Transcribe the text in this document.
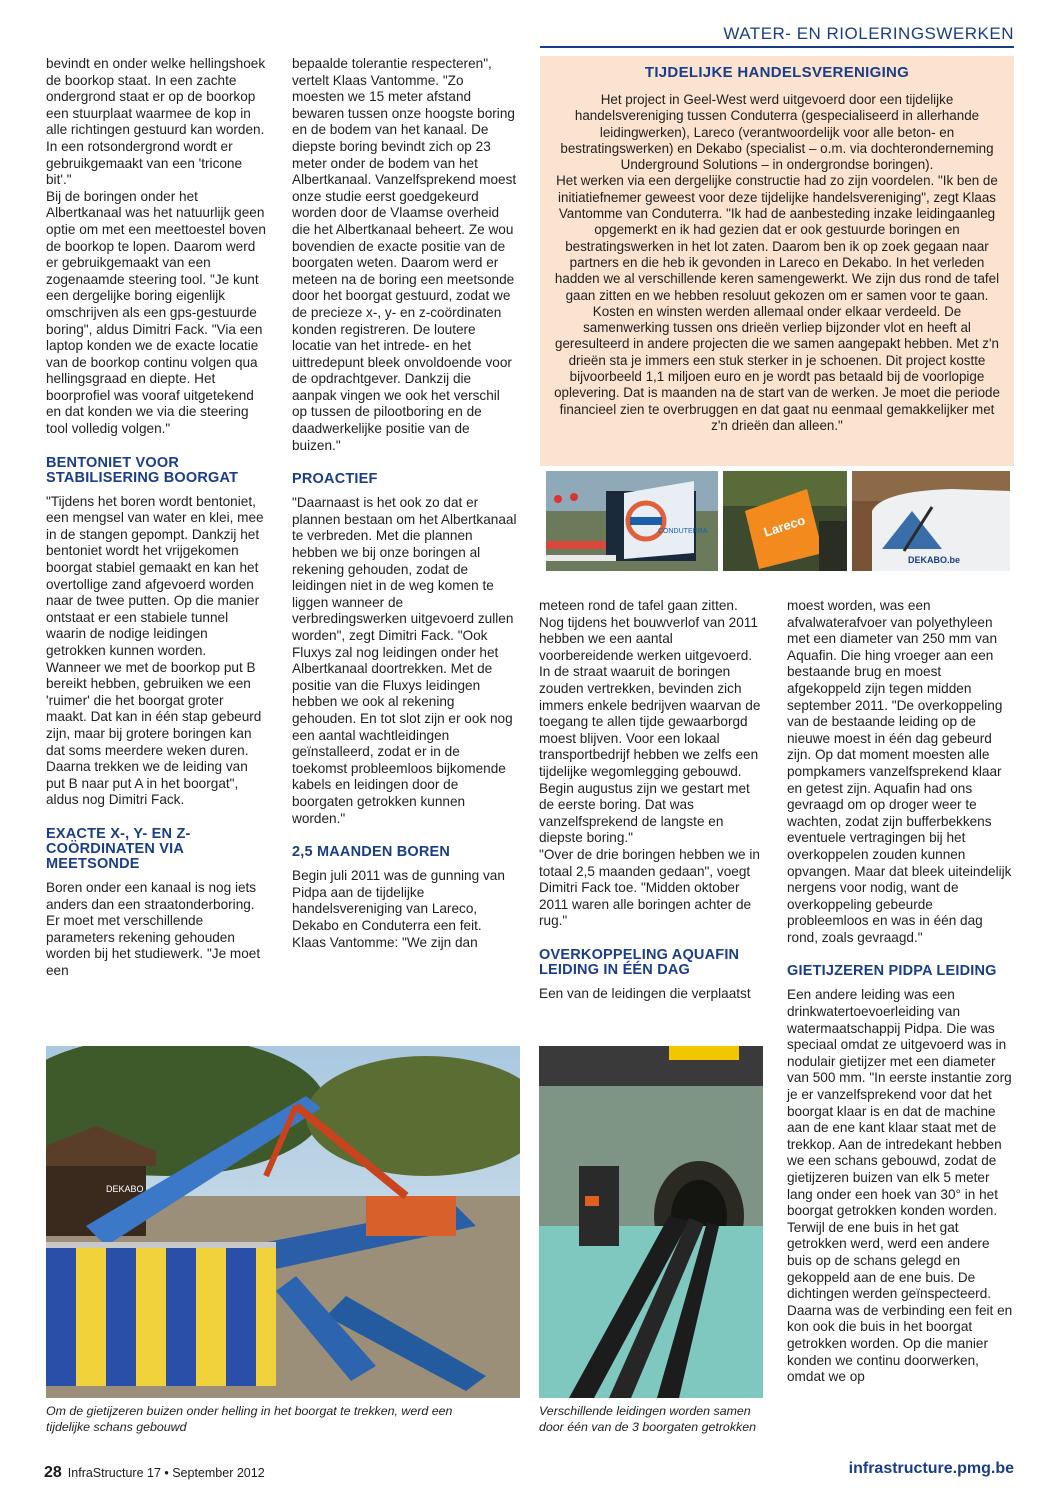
WATER- EN RIOLERINGSWERKEN

bevindt en onder welke hellingshoek de boorkop staat. In een zachte ondergrond staat er op de boorkop een stuurplaat waarmee de kop in alle richtingen gestuurd kan worden. In een rotsondergrond wordt er gebruikgemaakt van een 'tricone bit'."

Bij de boringen onder het Albertkanaal was het natuurlijk geen optie om met een meettoestel boven de boorkop te lopen. Daarom werd er gebruikgemaakt van een zogenaamde steering tool. "Je kunt een dergelijke boring eigenlijk omschrijven als een gps-gestuurde boring", aldus Dimitri Fack. "Via een laptop konden we de exacte locatie van de boorkop continu volgen qua hellingsgraad en diepte. Het boorprofiel was vooraf uitgetekend en dat konden we via die steering tool volledig volgen."

BENTONIET VOOR STABILISERING BOORGAT

"Tijdens het boren wordt bentoniet, een mengsel van water en klei, mee in de stangen gepompt. Dankzij het bentoniet wordt het vrijgekomen boorgat stabiel gemaakt en kan het overtollige zand afgevoerd worden naar de twee putten. Op die manier ontstaat er een stabiele tunnel waarin de nodige leidingen getrokken kunnen worden.

Wanneer we met de boorkop put B bereikt hebben, gebruiken we een 'ruimer' die het boorgat groter maakt. Dat kan in één stap gebeurd zijn, maar bij grotere boringen kan dat soms meerdere weken duren. Daarna trekken we de leiding van put B naar put A in het boorgat", aldus nog Dimitri Fack.

EXACTE X-, Y- EN Z-COÖRDINATEN VIA MEETSONDE

Boren onder een kanaal is nog iets anders dan een straatonderboring. Er moet met verschillende parameters rekening gehouden worden bij het studiewerk. "Je moet een

bepaalde tolerantie respecteren", vertelt Klaas Vantomme. "Zo moesten we 15 meter afstand bewaren tussen onze hoogste boring en de bodem van het kanaal. De diepste boring bevindt zich op 23 meter onder de bodem van het Albertkanaal. Vanzelfsprekend moest onze studie eerst goedgekeurd worden door de Vlaamse overheid die het Albertkanaal beheert. Ze wou bovendien de exacte positie van de boorgaten weten. Daarom werd er meteen na de boring een meetsonde door het boorgat gestuurd, zodat we de precieze x-, y- en z-coördinaten konden registreren. De loutere locatie van het intrede- en het uittredepunt bleek onvoldoende voor de opdrachtgever. Dankzij die aanpak vingen we ook het verschil op tussen de pilootboring en de daadwerkelijke positie van de buizen."

PROACTIEF

"Daarnaast is het ook zo dat er plannen bestaan om het Albertkanaal te verbreden. Met die plannen hebben we bij onze boringen al rekening gehouden, zodat de leidingen niet in de weg komen te liggen wanneer de verbredingswerken uitgevoerd zullen worden", zegt Dimitri Fack. "Ook Fluxys zal nog leidingen onder het Albertkanaal doortrekken. Met de positie van die Fluxys leidingen hebben we ook al rekening gehouden. En tot slot zijn er ook nog een aantal wachtleidingen geïnstalleerd, zodat er in de toekomst probleemloos bijkomende kabels en leidingen door de boorgaten getrokken kunnen worden."

2,5 MAANDEN BOREN

Begin juli 2011 was de gunning van Pidpa aan de tijdelijke handelsvereniging van Lareco, Dekabo en Conduterra een feit. Klaas Vantomme: "We zijn dan

TIJDELIJKE HANDELSVERENIGING

Het project in Geel-West werd uitgevoerd door een tijdelijke handelsvereniging tussen Conduterra (gespecialiseerd in allerhande leidingwerken), Lareco (verantwoordelijk voor alle beton- en bestratingswerken) en Dekabo (specialist – o.m. via dochteronderneming Underground Solutions – in ondergrondse boringen).

Het werken via een dergelijke constructie had zo zijn voordelen. "Ik ben de initiatiefnemer geweest voor deze tijdelijke handelsvereniging", zegt Klaas Vantomme van Conduterra. "Ik had de aanbesteding inzake leidingaanleg opgemerkt en ik had gezien dat er ook gestuurde boringen en bestratingswerken in het lot zaten. Daarom ben ik op zoek gegaan naar partners en die heb ik gevonden in Lareco en Dekabo. In het verleden hadden we al verschillende keren samengewerkt. We zijn dus rond de tafel gaan zitten en we hebben resoluut gekozen om er samen voor te gaan. Kosten en winsten werden allemaal onder elkaar verdeeld. De samenwerking tussen ons drieën verliep bijzonder vlot en heeft al geresulteerd in andere projecten die we samen aangepakt hebben. Met z'n drieën sta je immers een stuk sterker in je schoenen. Dit project kostte bijvoorbeeld 1,1 miljoen euro en je wordt pas betaald bij de voorlopige oplevering. Dat is maanden na de start van de werken. Je moet die periode financieel zien te overbruggen en dat gaat nu eenmaal gemakkelijker met z'n drieën dan alleen."

CONDUTERRA	Lareco
DEKABO.be

meteen rond de tafel gaan zitten. Nog tijdens het bouwverlof van 2011 hebben we een aantal voorbereidende werken uitgevoerd. In de straat waaruit de boringen zouden vertrekken, bevinden zich immers enkele bedrijven waarvan de toegang te allen tijde gewaarborgd moest blijven. Voor een lokaal transportbedrijf hebben we zelfs een tijdelijke wegomlegging gebouwd. Begin augustus zijn we gestart met de eerste boring. Dat was vanzelfsprekend de langste en diepste boring."

"Over de drie boringen hebben we in totaal 2,5 maanden gedaan", voegt Dimitri Fack toe. "Midden oktober 2011 waren alle boringen achter de rug."

OVERKOPPELING AQUAFIN LEIDING IN ÉÉN DAG

Een van de leidingen die verplaatst

moest worden, was een afvalwaterafvoer van polyethyleen met een diameter van 250 mm van Aquafin. Die hing vroeger aan een bestaande brug en moest afgekoppeld zijn tegen midden september 2011. "De overkoppeling van de bestaande leiding op de nieuwe moest in één dag gebeurd zijn. Op dat moment moesten alle pompkamers vanzelfsprekend klaar en getest zijn. Aquafin had ons gevraagd om op droger weer te wachten, zodat zijn bufferbekkens eventuele vertragingen bij het overkoppelen zouden kunnen opvangen. Maar dat bleek uiteindelijk nergens voor nodig, want de overkoppeling gebeurde probleemloos en was in één dag rond, zoals gevraagd."

GIETIJZEREN PIDPA LEIDING

Een andere leiding was een drinkwatertoevoerleiding van watermaatschappij Pidpa. Die was speciaal omdat ze uitgevoerd was in nodulair gietijzer met een diameter van 500 mm. "In eerste instantie zorg je er vanzelfsprekend voor dat het boorgat klaar is en dat de machine aan de ene kant klaar staat met de trekkop. Aan de intredekant hebben we een schans gebouwd, zodat de gietijzeren buizen van elk 5 meter lang onder een hoek van 30° in het boorgat getrokken konden worden. Terwijl de ene buis in het gat getrokken werd, werd een andere buis op de schans gelegd en gekoppeld aan de ene buis. De dichtingen werden geïnspecteerd. Daarna was de verbinding een feit en kon ook die buis in het boorgat getrokken worden. Op die manier konden we continu doorwerken, omdat we op

DEKABO
Om de gietijzeren buizen onder helling in het boorgat te trekken, werd een tijdelijke schans gebouwd
Verschillende leidingen worden samen door één van de 3 boorgaten getrokken
28 InfraStructure 17 • September 2012	infrastructure.pmg.be
